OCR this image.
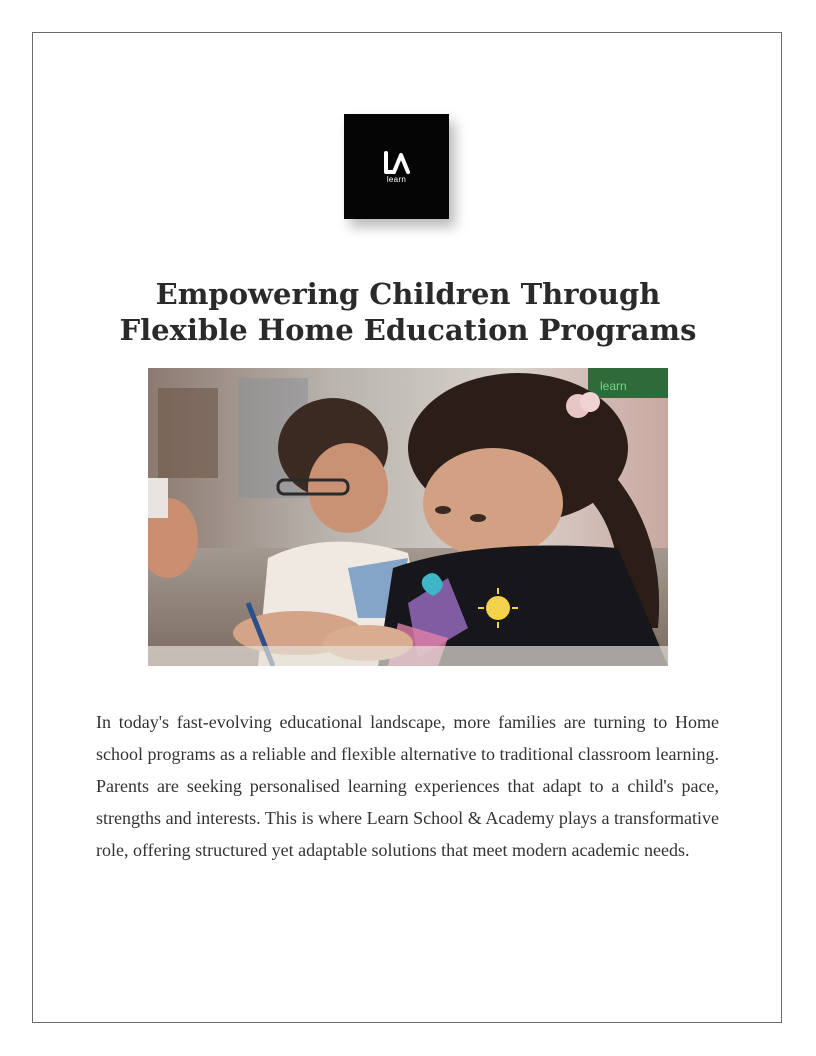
learn
Empowering Children Through
Flexible Home Education Programs
learn

In today's fast-evolving educational landscape, more families are turning to Home school programs as a reliable and flexible alternative to traditional classroom learning. Parents are seeking personalised learning experiences that adapt to a child's pace, strengths and interests. This is where Learn School & Academy plays a transformative role, offering structured yet adaptable solutions that meet modern academic needs.
